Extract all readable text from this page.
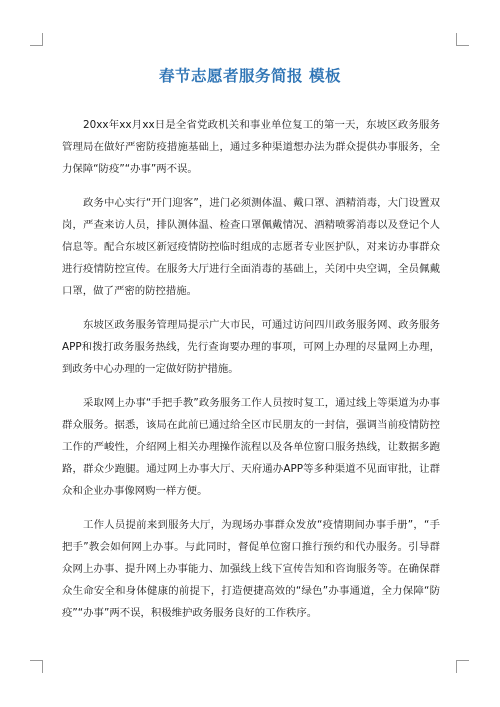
春节志愿者服务简报 模板

20xx年xx月xx日是全省党政机关和事业单位复工的第一天，东坡区政务服务管理局在做好严密防疫措施基础上，通过多种渠道想办法为群众提供办事服务，全力保障“防疫”“办事”两不误。

政务中心实行“开门迎客”，进门必须测体温、戴口罩、酒精消毒，大门设置双岗，严查来访人员，排队测体温、检查口罩佩戴情况、酒精喷雾消毒以及登记个人信息等。配合东坡区新冠疫情防控临时组成的志愿者专业医护队，对来访办事群众进行疫情防控宣传。在服务大厅进行全面消毒的基础上，关闭中央空调，全员佩戴口罩，做了严密的防控措施。

东坡区政务服务管理局提示广大市民，可通过访问四川政务服务网、政务服务APP和拨打政务服务热线，先行查询要办理的事项，可网上办理的尽量网上办理，到政务中心办理的一定做好防护措施。

采取网上办事“手把手教”政务服务工作人员按时复工，通过线上等渠道为办事群众服务。据悉，该局在此前已通过给全区市民朋友的一封信，强调当前疫情防控工作的严峻性，介绍网上相关办理操作流程以及各单位窗口服务热线，让数据多跑路，群众少跑腿。通过网上办事大厅、天府通办APP等多种渠道不见面审批，让群众和企业办事像网购一样方便。

工作人员提前来到服务大厅，为现场办事群众发放“疫情期间办事手册”，“手把手”教会如何网上办事。与此同时，督促单位窗口推行预约和代办服务。引导群众网上办事、提升网上办事能力、加强线上线下宣传告知和咨询服务等。在确保群众生命安全和身体健康的前提下，打造便捷高效的“绿色”办事通道，全力保障“防疫”“办事”两不误，积极维护政务服务良好的工作秩序。
